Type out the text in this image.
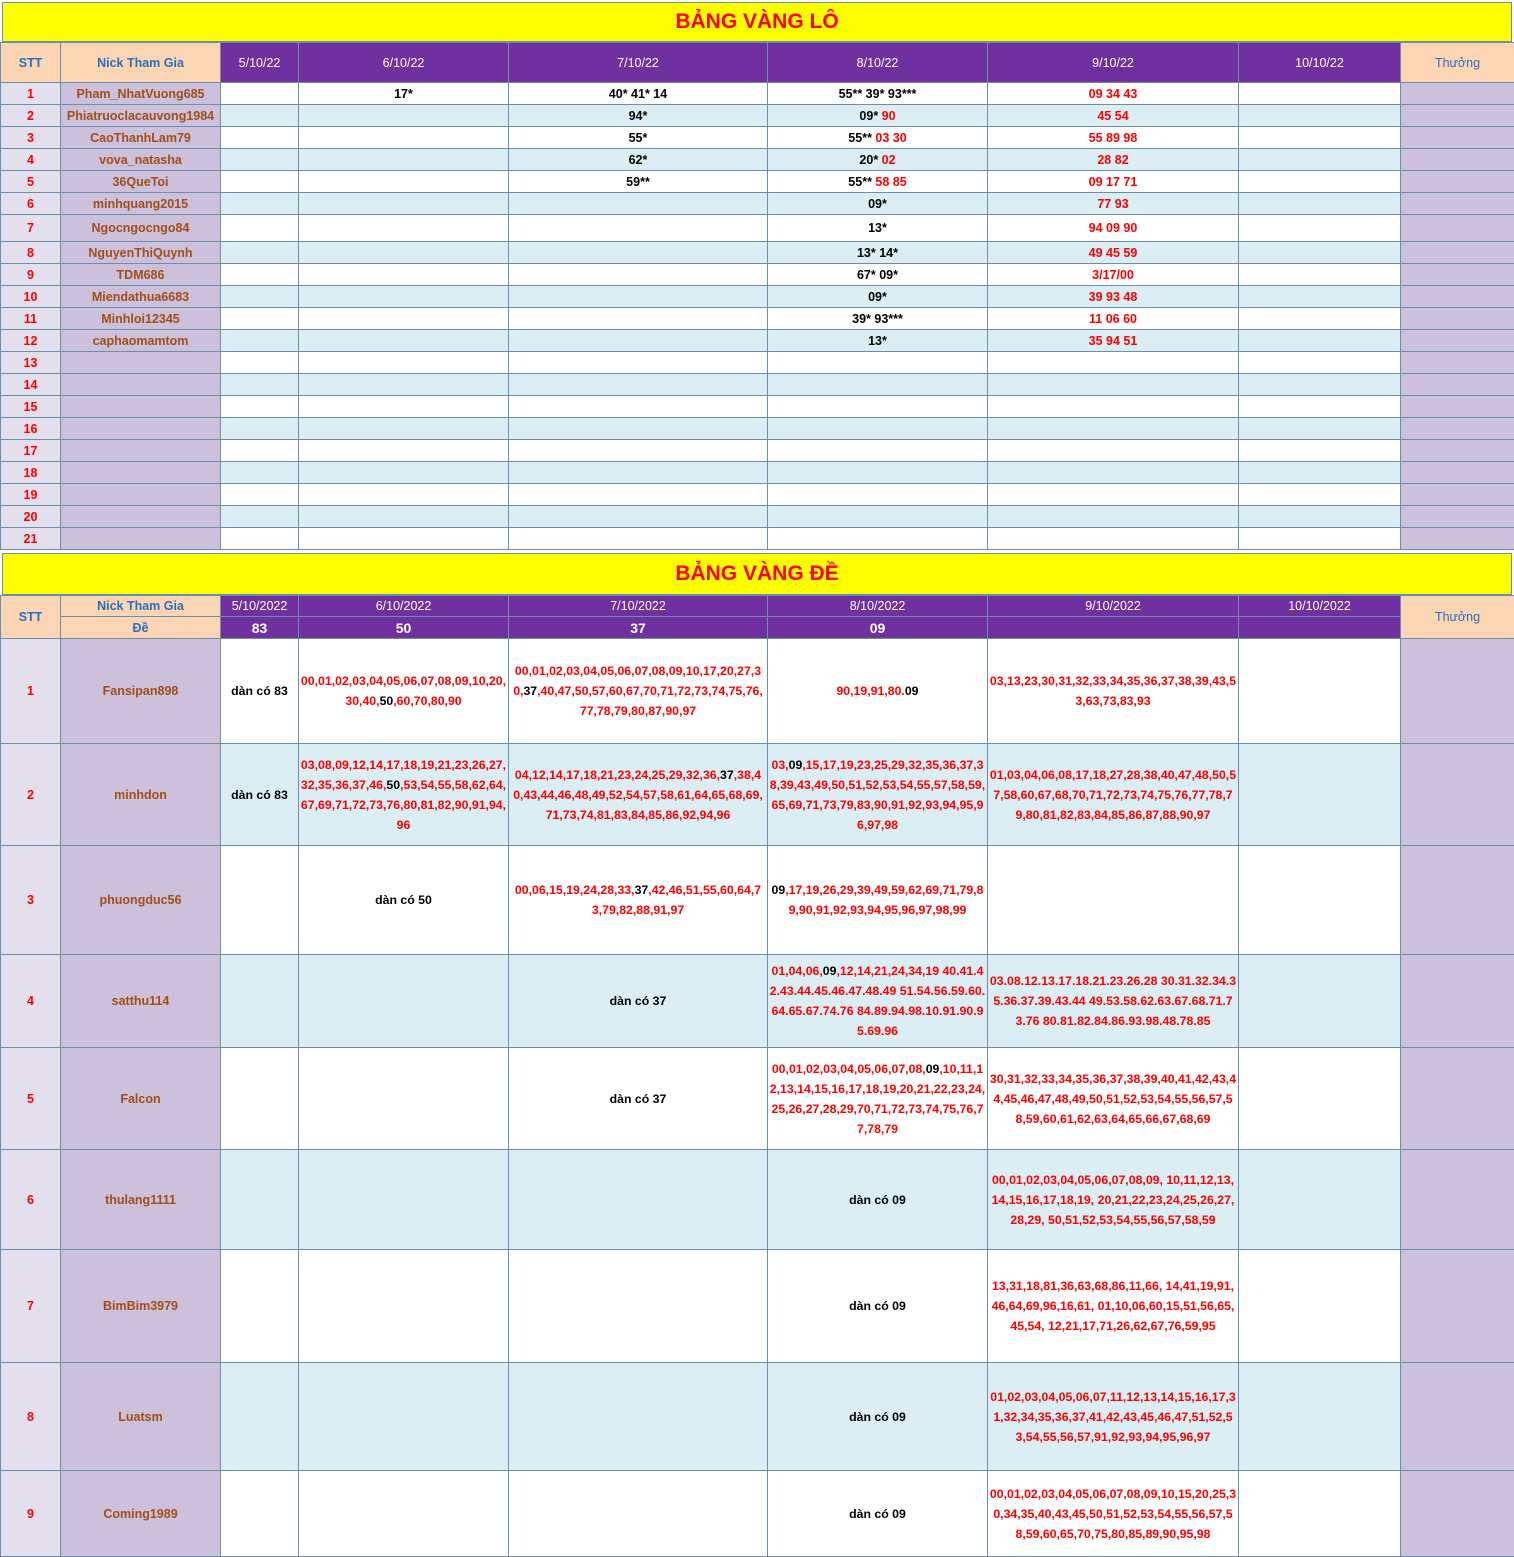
BẢNG VÀNG LÔ
STT	Nick Tham Gia	5/10/22	6/10/22	7/10/22	8/10/22	9/10/22	10/10/22	Thưởng
1	Pham_NhatVuong685		17*	40* 41* 14	55** 39* 93***	09 34 43		
2	Phiatruoclacauvong1984			94*	09* 90	45 54		
3	CaoThanhLam79			55*	55** 03 30	55 89 98		
4	vova_natasha			62*	20* 02	28 82		
5	36QueToi			59**	55** 58 85	09 17 71		
6	minhquang2015				09*	77 93		
7	Ngocngocngo84				13*	94 09 90		
8	NguyenThiQuynh				13* 14*	49 45 59		
9	TDM686				67* 09*	3/17/00		
10	Miendathua6683				09*	39 93 48		
11	Minhloi12345				39* 93***	11 06 60		
12	caphaomamtom				13*	35 94 51		
13								
14								
15								
16								
17								
18								
19								
20								
21								
BẢNG VÀNG ĐỀ
STT	Nick Tham Gia	5/10/2022	6/10/2022	7/10/2022	8/10/2022	9/10/2022	10/10/2022	Thưởng
	Đề	83	50	37	09			
1	Fansipan898	dàn có 83	00,01,02,03,04,05,06,07,08,09,10,20,30,40,50,60,70,80,90	00,01,02,03,04,05,06,07,08,09,10,17,20,27,30,37,40,47,50,57,60,67,70,71,72,73,74,75,76,77,78,79,80,87,90,97	90,19,91,80.09	03,13,23,30,31,32,33,34,35,36,37,38,39,43,53,63,73,83,93		
2	minhdon	dàn có 83	03,08,09,12,14,17,18,19,21,23,26,27,32,35,36,37,46,50,53,54,55,58,62,64,67,69,71,72,73,76,80,81,82,90,91,94,96	04,12,14,17,18,21,23,24,25,29,32,36,37,38,40,43,44,46,48,49,52,54,57,58,61,64,65,68,69,71,73,74,81,83,84,85,86,92,94,96	03,09,15,17,19,23,25,29,32,35,36,37,38,39,43,49,50,51,52,53,54,55,57,58,59,65,69,71,73,79,83,90,91,92,93,94,95,96,97,98	01,03,04,06,08,17,18,27,28,38,40,47,48,50,57,58,60,67,68,70,71,72,73,74,75,76,77,78,79,80,81,82,83,84,85,86,87,88,90,97		
3	phuongduc56		dàn có 50	00,06,15,19,24,28,33,37,42,46,51,55,60,64,73,79,82,88,91,97	09,17,19,26,29,39,49,59,62,69,71,79,89,90,91,92,93,94,95,96,97,98,99			
4	satthu114			dàn có 37	01,04,06,09,12,14,21,24,34,19 40.41.42.43.44.45.46.47.48.49 51.54.56.59.60.64.65.67.74.76 84.89.94.98.10.91.90.95.69.96	03.08.12.13.17.18.21.23.26.28 30.31.32.34.35.36.37.39.43.44 49.53.58.62.63.67.68.71.73.76 80.81.82.84.86.93.98.48.78.85		
5	Falcon			dàn có 37	00,01,02,03,04,05,06,07,08,09,10,11,12,13,14,15,16,17,18,19,20,21,22,23,24,25,26,27,28,29,70,71,72,73,74,75,76,77,78,79	30,31,32,33,34,35,36,37,38,39,40,41,42,43,44,45,46,47,48,49,50,51,52,53,54,55,56,57,58,59,60,61,62,63,64,65,66,67,68,69		
6	thulang1111				dàn có 09	00,01,02,03,04,05,06,07,08,09, 10,11,12,13,14,15,16,17,18,19, 20,21,22,23,24,25,26,27,28,29, 50,51,52,53,54,55,56,57,58,59		
7	BimBim3979				dàn có 09	13,31,18,81,36,63,68,86,11,66, 14,41,19,91,46,64,69,96,16,61, 01,10,06,60,15,51,56,65,45,54, 12,21,17,71,26,62,67,76,59,95		
8	Luatsm				dàn có 09	01,02,03,04,05,06,07,11,12,13,14,15,16,17,31,32,34,35,36,37,41,42,43,45,46,47,51,52,53,54,55,56,57,91,92,93,94,95,96,97		
9	Coming1989				dàn có 09	00,01,02,03,04,05,06,07,08,09,10,15,20,25,30,34,35,40,43,45,50,51,52,53,54,55,56,57,58,59,60,65,70,75,80,85,89,90,95,98		
